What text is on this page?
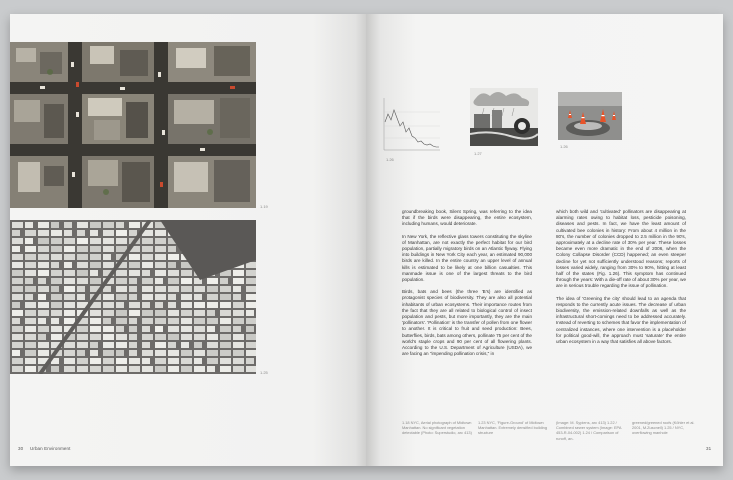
1.19
1.25
30 Urban Environment
1.26
1.27
1.26

groundbreaking book, Silent Spring, was referring to the idea that if the birds were disappearing, the entire ecosystem, including humans, would deteriorate.

In New York, the reflective glass towers constituting the skyline of Manhattan, are not exactly the perfect habitat for our bird population, partially migratory birds on an Atlantic flyway. Flying into buildings in New York City each year, an estimated 90,000 birds are killed. In the entire country an upper level of annual kills is estimated to be likely at one billion casualties. This manmade issue is one of the largest threats to the bird population.

Birds, bats and bees (the three 'B's) are identified as protagonist species of biodiversity. They are also all potential inhabitants of urban ecosystems. Their importance routes from the fact that they are all related to biological control of insect population and pests, but more importantly, they are the main 'pollinators'. 'Pollination' is the transfer of pollen from one flower to another. It is critical to fruit and seed production: Bees, butterflies, birds, bats among others, pollinate 75 per cent of the world's staple crops and 90 per cent of all flowering plants. According to the U.S. Department of Agriculture (USDA), we are facing an "impending pollination crisis," in

which both wild and 'cultivated' pollinators are disappearing at alarming rates owing to habitat loss, pesticide poisoning, diseases and pests. In fact, we have the least amount of cultivated bee colonies in history: From about 4 million in the 80's, the number of colonies dropped to 2.5 million in the 90's, approximately at a decline rate of 30% per year. These losses became even more dramatic in the end of 2006, when the Colony Collapse Disorder (CCD) happened; an even steeper decline for yet not sufficiently understood reasons; reports of losses varied widely, ranging from 30% to 90%, hitting at least half of the states (Fig. 1.26). This symptom has continued through the years: With a die-off rate of about 30% per year, we are in serious trouble regarding the issue of pollination.

The idea of 'Greening the city' should lead to an agenda that responds to the currently acute issues. The decrease of urban biodiversity, the emission-related downfalls as well as the infrastructural short-comings need to be addressed accurately. Instead of reverting to schemes that favor the implementation of centralized instances, where one intervention is a placeholder for political good-will, the approach must 'saturate' the entire urban ecosystem in a way that satisfies all above factors.

1.18 NYC, Aerial photograph of Midtown Manhattan. No significant vegetation detectable (Photo: Superstudio, arc 413)
1.23 NYC, 'Figure-Ground' of Midtown Manhattan. Extremely densified building structure
(Image: M. Sypiens, arc 413) 1.22 / Combined sewer system (Image: EPA 453-R-04-002) 1.24 / Comparison of runoff, an-
greened/greened roofs (Köhler et al. 2001, M.Zuscnell) 1.25 / NYC, overflowing manhole
31
